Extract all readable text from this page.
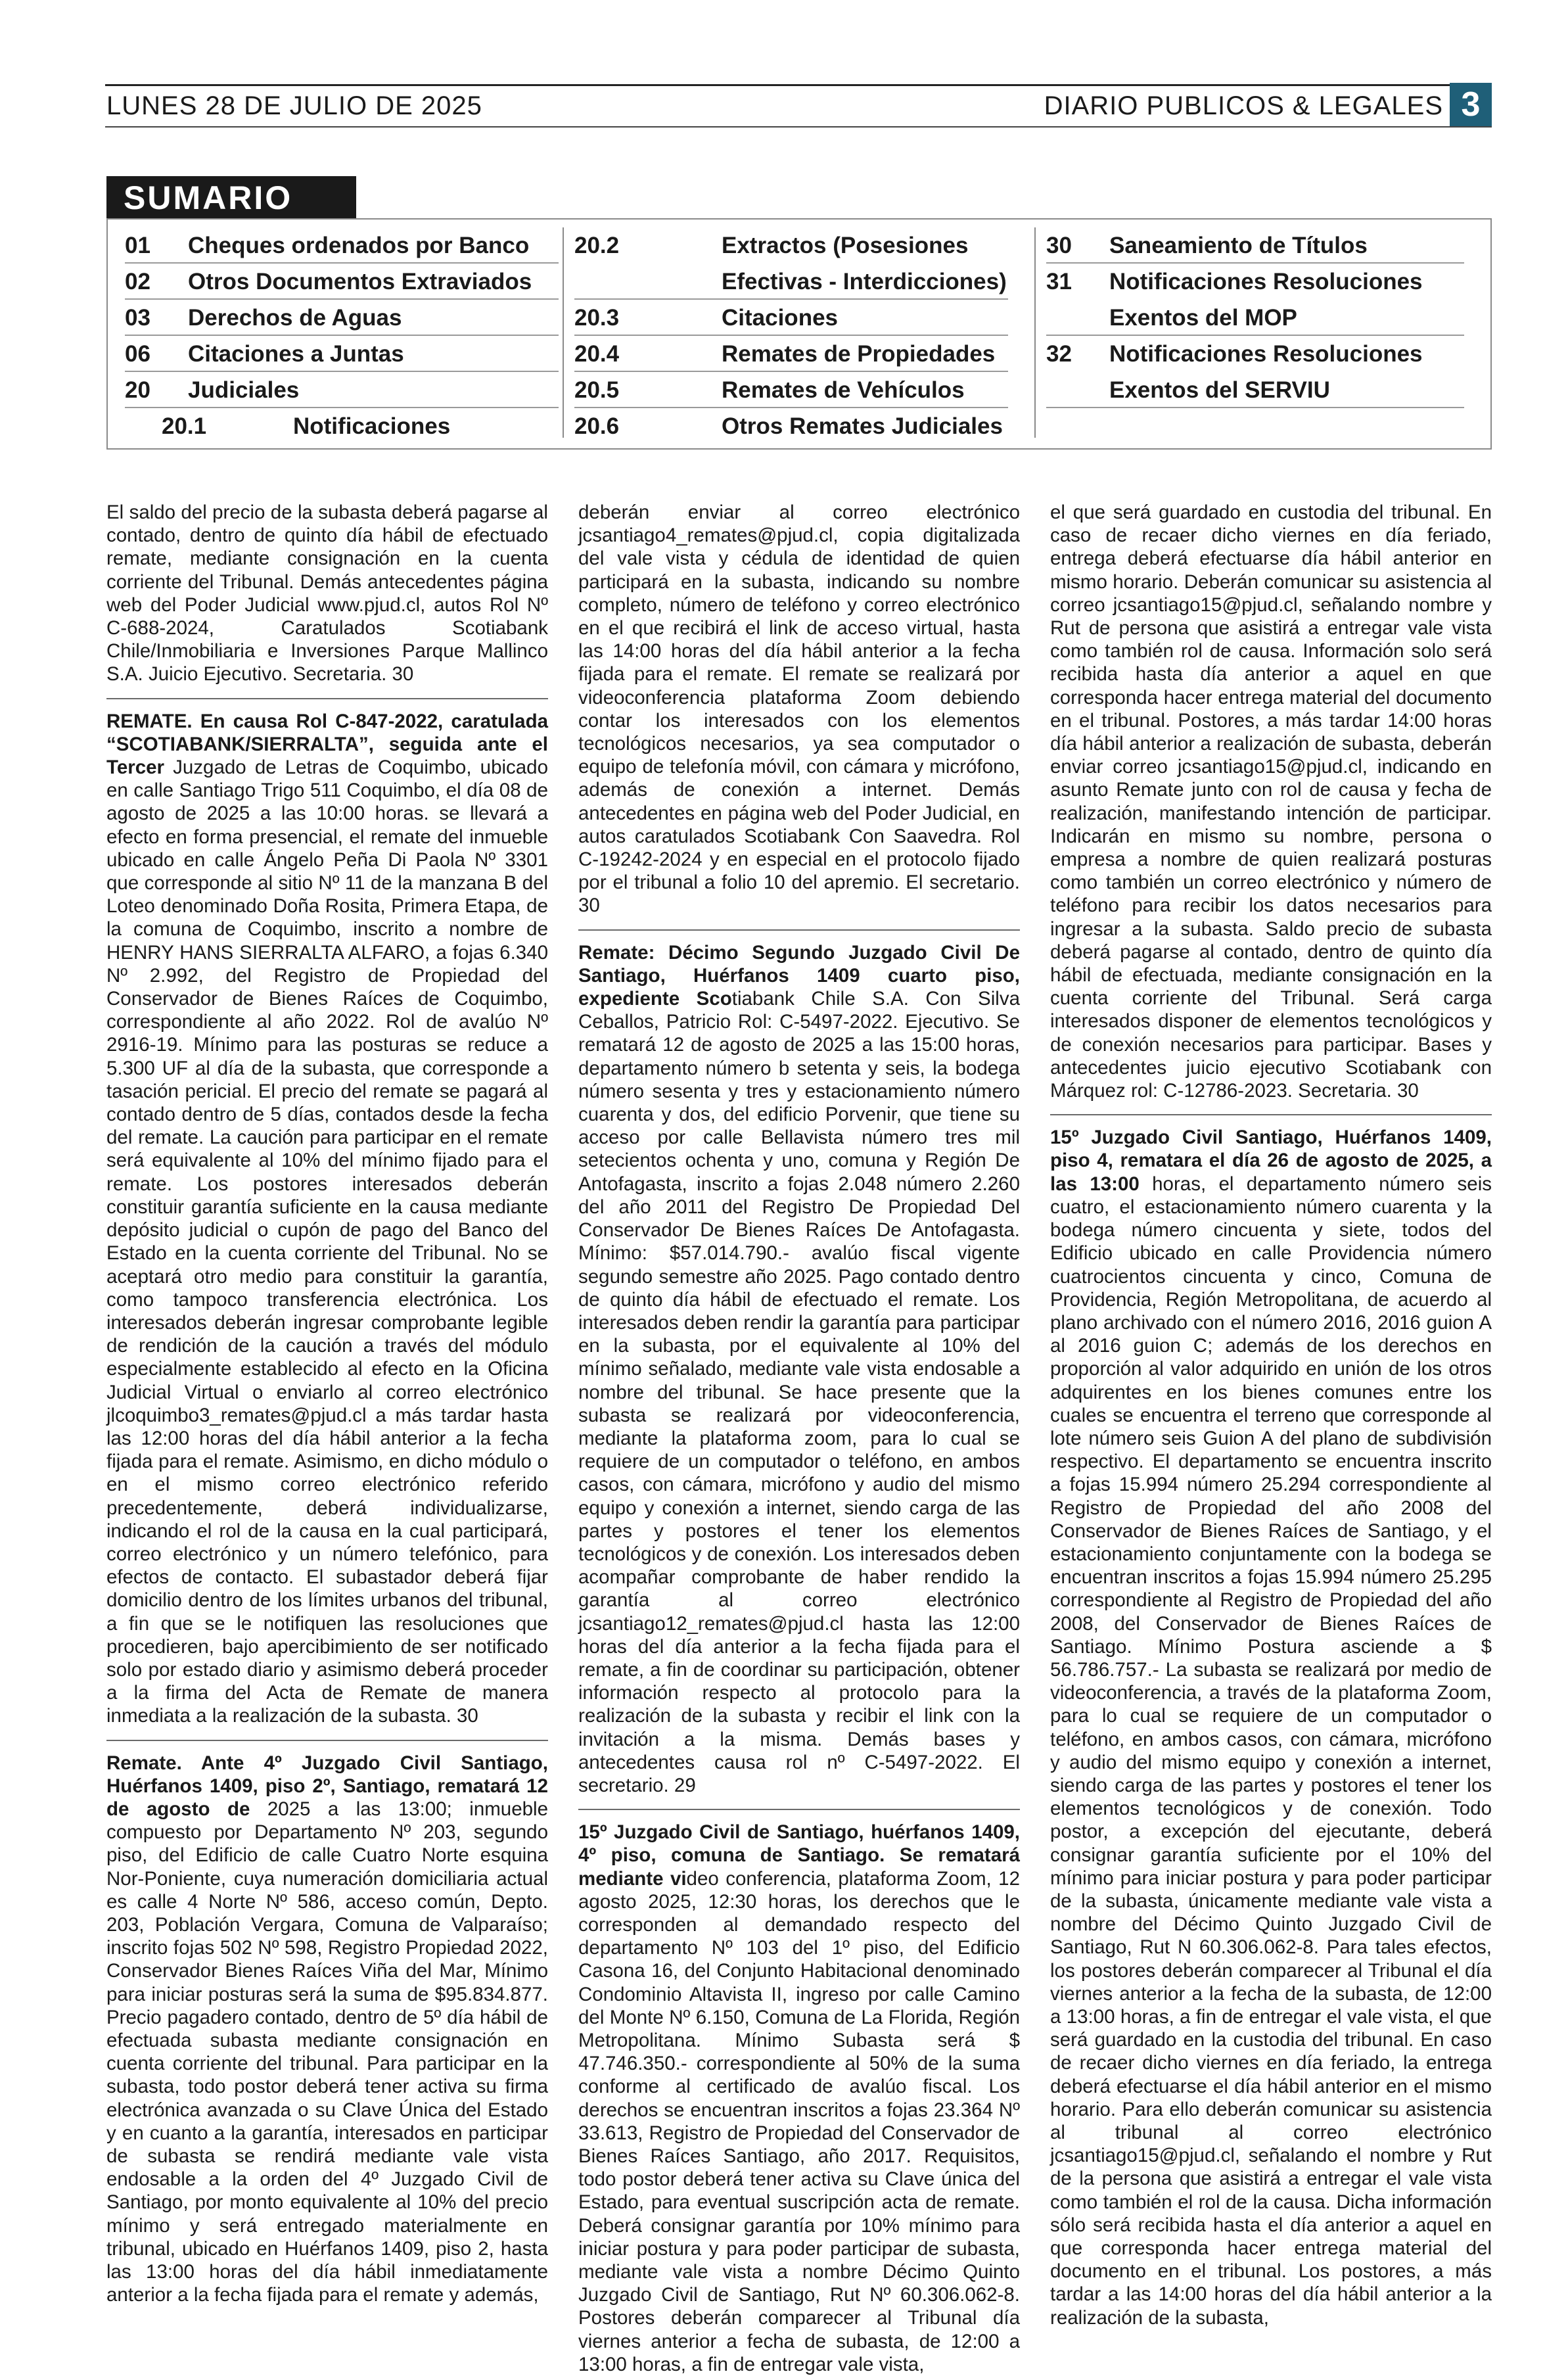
LUNES 28 DE JULIO DE 2025	DIARIO PUBLICOS & LEGALES 3
SUMARIO
01 Cheques ordenados por Banco
02 Otros Documentos Extraviados
03 Derechos de Aguas
06 Citaciones a Juntas
20 Judiciales
20.1	Notificaciones
20.2	Extractos (Posesiones
Efectivas - Interdicciones)
20.3	Citaciones
20.4	Remates de Propiedades
20.5	Remates de Vehículos
20.6	Otros Remates Judiciales
30 Saneamiento de Títulos
31 Notificaciones Resoluciones
Exentos del MOP
32 Notificaciones Resoluciones
Exentos del SERVIU

El saldo del precio de la subasta deberá pagarse al contado, dentro de quinto día hábil de efectuado remate, mediante consignación en la cuenta corriente del Tribunal. Demás antecedentes página web del Poder Judicial www.pjud.cl, autos Rol Nº C-688-2024, Caratulados Scotiabank Chile/Inmobiliaria e Inversiones Parque Mallinco S.A. Juicio Ejecutivo. Secretaria. 30

REMATE. En causa Rol C-847-2022, caratulada “SCOTIABANK/SIERRALTA”, seguida ante el Tercer Juzgado de Letras de Coquimbo, ubicado en calle Santiago Trigo 511 Coquimbo, el día 08 de agosto de 2025 a las 10:00 horas. se llevará a efecto en forma presencial, el remate del inmueble ubicado en calle Ángelo Peña Di Paola Nº 3301 que corresponde al sitio Nº 11 de la manzana B del Loteo denominado Doña Rosita, Primera Etapa, de la comuna de Coquimbo, inscrito a nombre de HENRY HANS SIERRALTA ALFARO, a fojas 6.340 Nº 2.992, del Registro de Propiedad del Conservador de Bienes Raíces de Coquimbo, correspondiente al año 2022. Rol de avalúo Nº 2916-19. Mínimo para las posturas se reduce a 5.300 UF al día de la subasta, que corresponde a tasación pericial. El precio del remate se pagará al contado dentro de 5 días, contados desde la fecha del remate. La caución para participar en el remate será equivalente al 10% del mínimo fijado para el remate. Los postores interesados deberán constituir garantía suficiente en la causa mediante depósito judicial o cupón de pago del Banco del Estado en la cuenta corriente del Tribunal. No se aceptará otro medio para constituir la garantía, como tampoco transferencia electrónica. Los interesados deberán ingresar comprobante legible de rendición de la caución a través del módulo especialmente establecido al efecto en la Oficina Judicial Virtual o enviarlo al correo electrónico jlcoquimbo3_remates@pjud.cl a más tardar hasta las 12:00 horas del día hábil anterior a la fecha fijada para el remate. Asimismo, en dicho módulo o en el mismo correo electrónico referido precedentemente, deberá individualizarse, indicando el rol de la causa en la cual participará, correo electrónico y un número telefónico, para efectos de contacto. El subastador deberá fijar domicilio dentro de los límites urbanos del tribunal, a fin que se le notifiquen las resoluciones que procedieren, bajo apercibimiento de ser notificado solo por estado diario y asimismo deberá proceder a la firma del Acta de Remate de manera inmediata a la realización de la subasta. 30

Remate. Ante 4º Juzgado Civil Santiago, Huérfanos 1409, piso 2º, Santiago, rematará 12 de agosto de 2025 a las 13:00; inmueble compuesto por Departamento Nº 203, segundo piso, del Edificio de calle Cuatro Norte esquina Nor-Poniente, cuya numeración domiciliaria actual es calle 4 Norte Nº 586, acceso común, Depto. 203, Población Vergara, Comuna de Valparaíso; inscrito fojas 502 Nº 598, Registro Propiedad 2022, Conservador Bienes Raíces Viña del Mar, Mínimo para iniciar posturas será la suma de $95.834.877. Precio pagadero contado, dentro de 5º día hábil de efectuada subasta mediante consignación en cuenta corriente del tribunal. Para participar en la subasta, todo postor deberá tener activa su firma electrónica avanzada o su Clave Única del Estado y en cuanto a la garantía, interesados en participar de subasta se rendirá mediante vale vista endosable a la orden del 4º Juzgado Civil de Santiago, por monto equivalente al 10% del precio mínimo y será entregado materialmente en tribunal, ubicado en Huérfanos 1409, piso 2, hasta las 13:00 horas del día hábil inmediatamente anterior a la fecha fijada para el remate y además,

deberán enviar al correo electrónico jcsantiago4_remates@pjud.cl, copia digitalizada del vale vista y cédula de identidad de quien participará en la subasta, indicando su nombre completo, número de teléfono y correo electrónico en el que recibirá el link de acceso virtual, hasta las 14:00 horas del día hábil anterior a la fecha fijada para el remate. El remate se realizará por videoconferencia plataforma Zoom debiendo contar los interesados con los elementos tecnológicos necesarios, ya sea computador o equipo de telefonía móvil, con cámara y micrófono, además de conexión a internet. Demás antecedentes en página web del Poder Judicial, en autos caratulados Scotiabank Con Saavedra. Rol C-19242-2024 y en especial en el protocolo fijado por el tribunal a folio 10 del apremio. El secretario. 30

Remate: Décimo Segundo Juzgado Civil De Santiago, Huérfanos 1409 cuarto piso, expediente Scotiabank Chile S.A. Con Silva Ceballos, Patricio Rol: C-5497-2022. Ejecutivo. Se rematará 12 de agosto de 2025 a las 15:00 horas, departamento número b setenta y seis, la bodega número sesenta y tres y estacionamiento número cuarenta y dos, del edificio Porvenir, que tiene su acceso por calle Bellavista número tres mil setecientos ochenta y uno, comuna y Región De Antofagasta, inscrito a fojas 2.048 número 2.260 del año 2011 del Registro De Propiedad Del Conservador De Bienes Raíces De Antofagasta. Mínimo: $57.014.790.- avalúo fiscal vigente segundo semestre año 2025. Pago contado dentro de quinto día hábil de efectuado el remate. Los interesados deben rendir la garantía para participar en la subasta, por el equivalente al 10% del mínimo señalado, mediante vale vista endosable a nombre del tribunal. Se hace presente que la subasta se realizará por videoconferencia, mediante la plataforma zoom, para lo cual se requiere de un computador o teléfono, en ambos casos, con cámara, micrófono y audio del mismo equipo y conexión a internet, siendo carga de las partes y postores el tener los elementos tecnológicos y de conexión. Los interesados deben acompañar comprobante de haber rendido la garantía al correo electrónico jcsantiago12_remates@pjud.cl hasta las 12:00 horas del día anterior a la fecha fijada para el remate, a fin de coordinar su participación, obtener información respecto al protocolo para la realización de la subasta y recibir el link con la invitación a la misma. Demás bases y antecedentes causa rol nº C-5497-2022. El secretario. 29

15º Juzgado Civil de Santiago, huérfanos 1409, 4º piso, comuna de Santiago. Se rematará mediante video conferencia, plataforma Zoom, 12 agosto 2025, 12:30 horas, los derechos que le corresponden al demandado respecto del departamento Nº 103 del 1º piso, del Edificio Casona 16, del Conjunto Habitacional denominado Condominio Altavista II, ingreso por calle Camino del Monte Nº 6.150, Comuna de La Florida, Región Metropolitana. Mínimo Subasta será $ 47.746.350.- correspondiente al 50% de la suma conforme al certificado de avalúo fiscal. Los derechos se encuentran inscritos a fojas 23.364 Nº 33.613, Registro de Propiedad del Conservador de Bienes Raíces Santiago, año 2017. Requisitos, todo postor deberá tener activa su Clave única del Estado, para eventual suscripción acta de remate. Deberá consignar garantía por 10% mínimo para iniciar postura y para poder participar de subasta, mediante vale vista a nombre Décimo Quinto Juzgado Civil de Santiago, Rut Nº 60.306.062-8. Postores deberán comparecer al Tribunal día viernes anterior a fecha de subasta, de 12:00 a 13:00 horas, a fin de entregar vale vista,

el que será guardado en custodia del tribunal. En caso de recaer dicho viernes en día feriado, entrega deberá efectuarse día hábil anterior en mismo horario. Deberán comunicar su asistencia al correo jcsantiago15@pjud.cl, señalando nombre y Rut de persona que asistirá a entregar vale vista como también rol de causa. Información solo será recibida hasta día anterior a aquel en que corresponda hacer entrega material del documento en el tribunal. Postores, a más tardar 14:00 horas día hábil anterior a realización de subasta, deberán enviar correo jcsantiago15@pjud.cl, indicando en asunto Remate junto con rol de causa y fecha de realización, manifestando intención de participar. Indicarán en mismo su nombre, persona o empresa a nombre de quien realizará posturas como también un correo electrónico y número de teléfono para recibir los datos necesarios para ingresar a la subasta. Saldo precio de subasta deberá pagarse al contado, dentro de quinto día hábil de efectuada, mediante consignación en la cuenta corriente del Tribunal. Será carga interesados disponer de elementos tecnológicos y de conexión necesarios para participar. Bases y antecedentes juicio ejecutivo Scotiabank con Márquez rol: C-12786-2023. Secretaria. 30

15º Juzgado Civil Santiago, Huérfanos 1409, piso 4, rematara el día 26 de agosto de 2025, a las 13:00 horas, el departamento número seis cuatro, el estacionamiento número cuarenta y la bodega número cincuenta y siete, todos del Edificio ubicado en calle Providencia número cuatrocientos cincuenta y cinco, Comuna de Providencia, Región Metropolitana, de acuerdo al plano archivado con el número 2016, 2016 guion A al 2016 guion C; además de los derechos en proporción al valor adquirido en unión de los otros adquirentes en los bienes comunes entre los cuales se encuentra el terreno que corresponde al lote número seis Guion A del plano de subdivisión respectivo. El departamento se encuentra inscrito a fojas 15.994 número 25.294 correspondiente al Registro de Propiedad del año 2008 del Conservador de Bienes Raíces de Santiago, y el estacionamiento conjuntamente con la bodega se encuentran inscritos a fojas 15.994 número 25.295 correspondiente al Registro de Propiedad del año 2008, del Conservador de Bienes Raíces de Santiago. Mínimo Postura asciende a $ 56.786.757.- La subasta se realizará por medio de videoconferencia, a través de la plataforma Zoom, para lo cual se requiere de un computador o teléfono, en ambos casos, con cámara, micrófono y audio del mismo equipo y conexión a internet, siendo carga de las partes y postores el tener los elementos tecnológicos y de conexión. Todo postor, a excepción del ejecutante, deberá consignar garantía suficiente por el 10% del mínimo para iniciar postura y para poder participar de la subasta, únicamente mediante vale vista a nombre del Décimo Quinto Juzgado Civil de Santiago, Rut N 60.306.062-8. Para tales efectos, los postores deberán comparecer al Tribunal el día viernes anterior a la fecha de la subasta, de 12:00 a 13:00 horas, a fin de entregar el vale vista, el que será guardado en la custodia del tribunal. En caso de recaer dicho viernes en día feriado, la entrega deberá efectuarse el día hábil anterior en el mismo horario. Para ello deberán comunicar su asistencia al tribunal al correo electrónico jcsantiago15@pjud.cl, señalando el nombre y Rut de la persona que asistirá a entregar el vale vista como también el rol de la causa. Dicha información sólo será recibida hasta el día anterior a aquel en que corresponda hacer entrega material del documento en el tribunal. Los postores, a más tardar a las 14:00 horas del día hábil anterior a la realización de la subasta,
